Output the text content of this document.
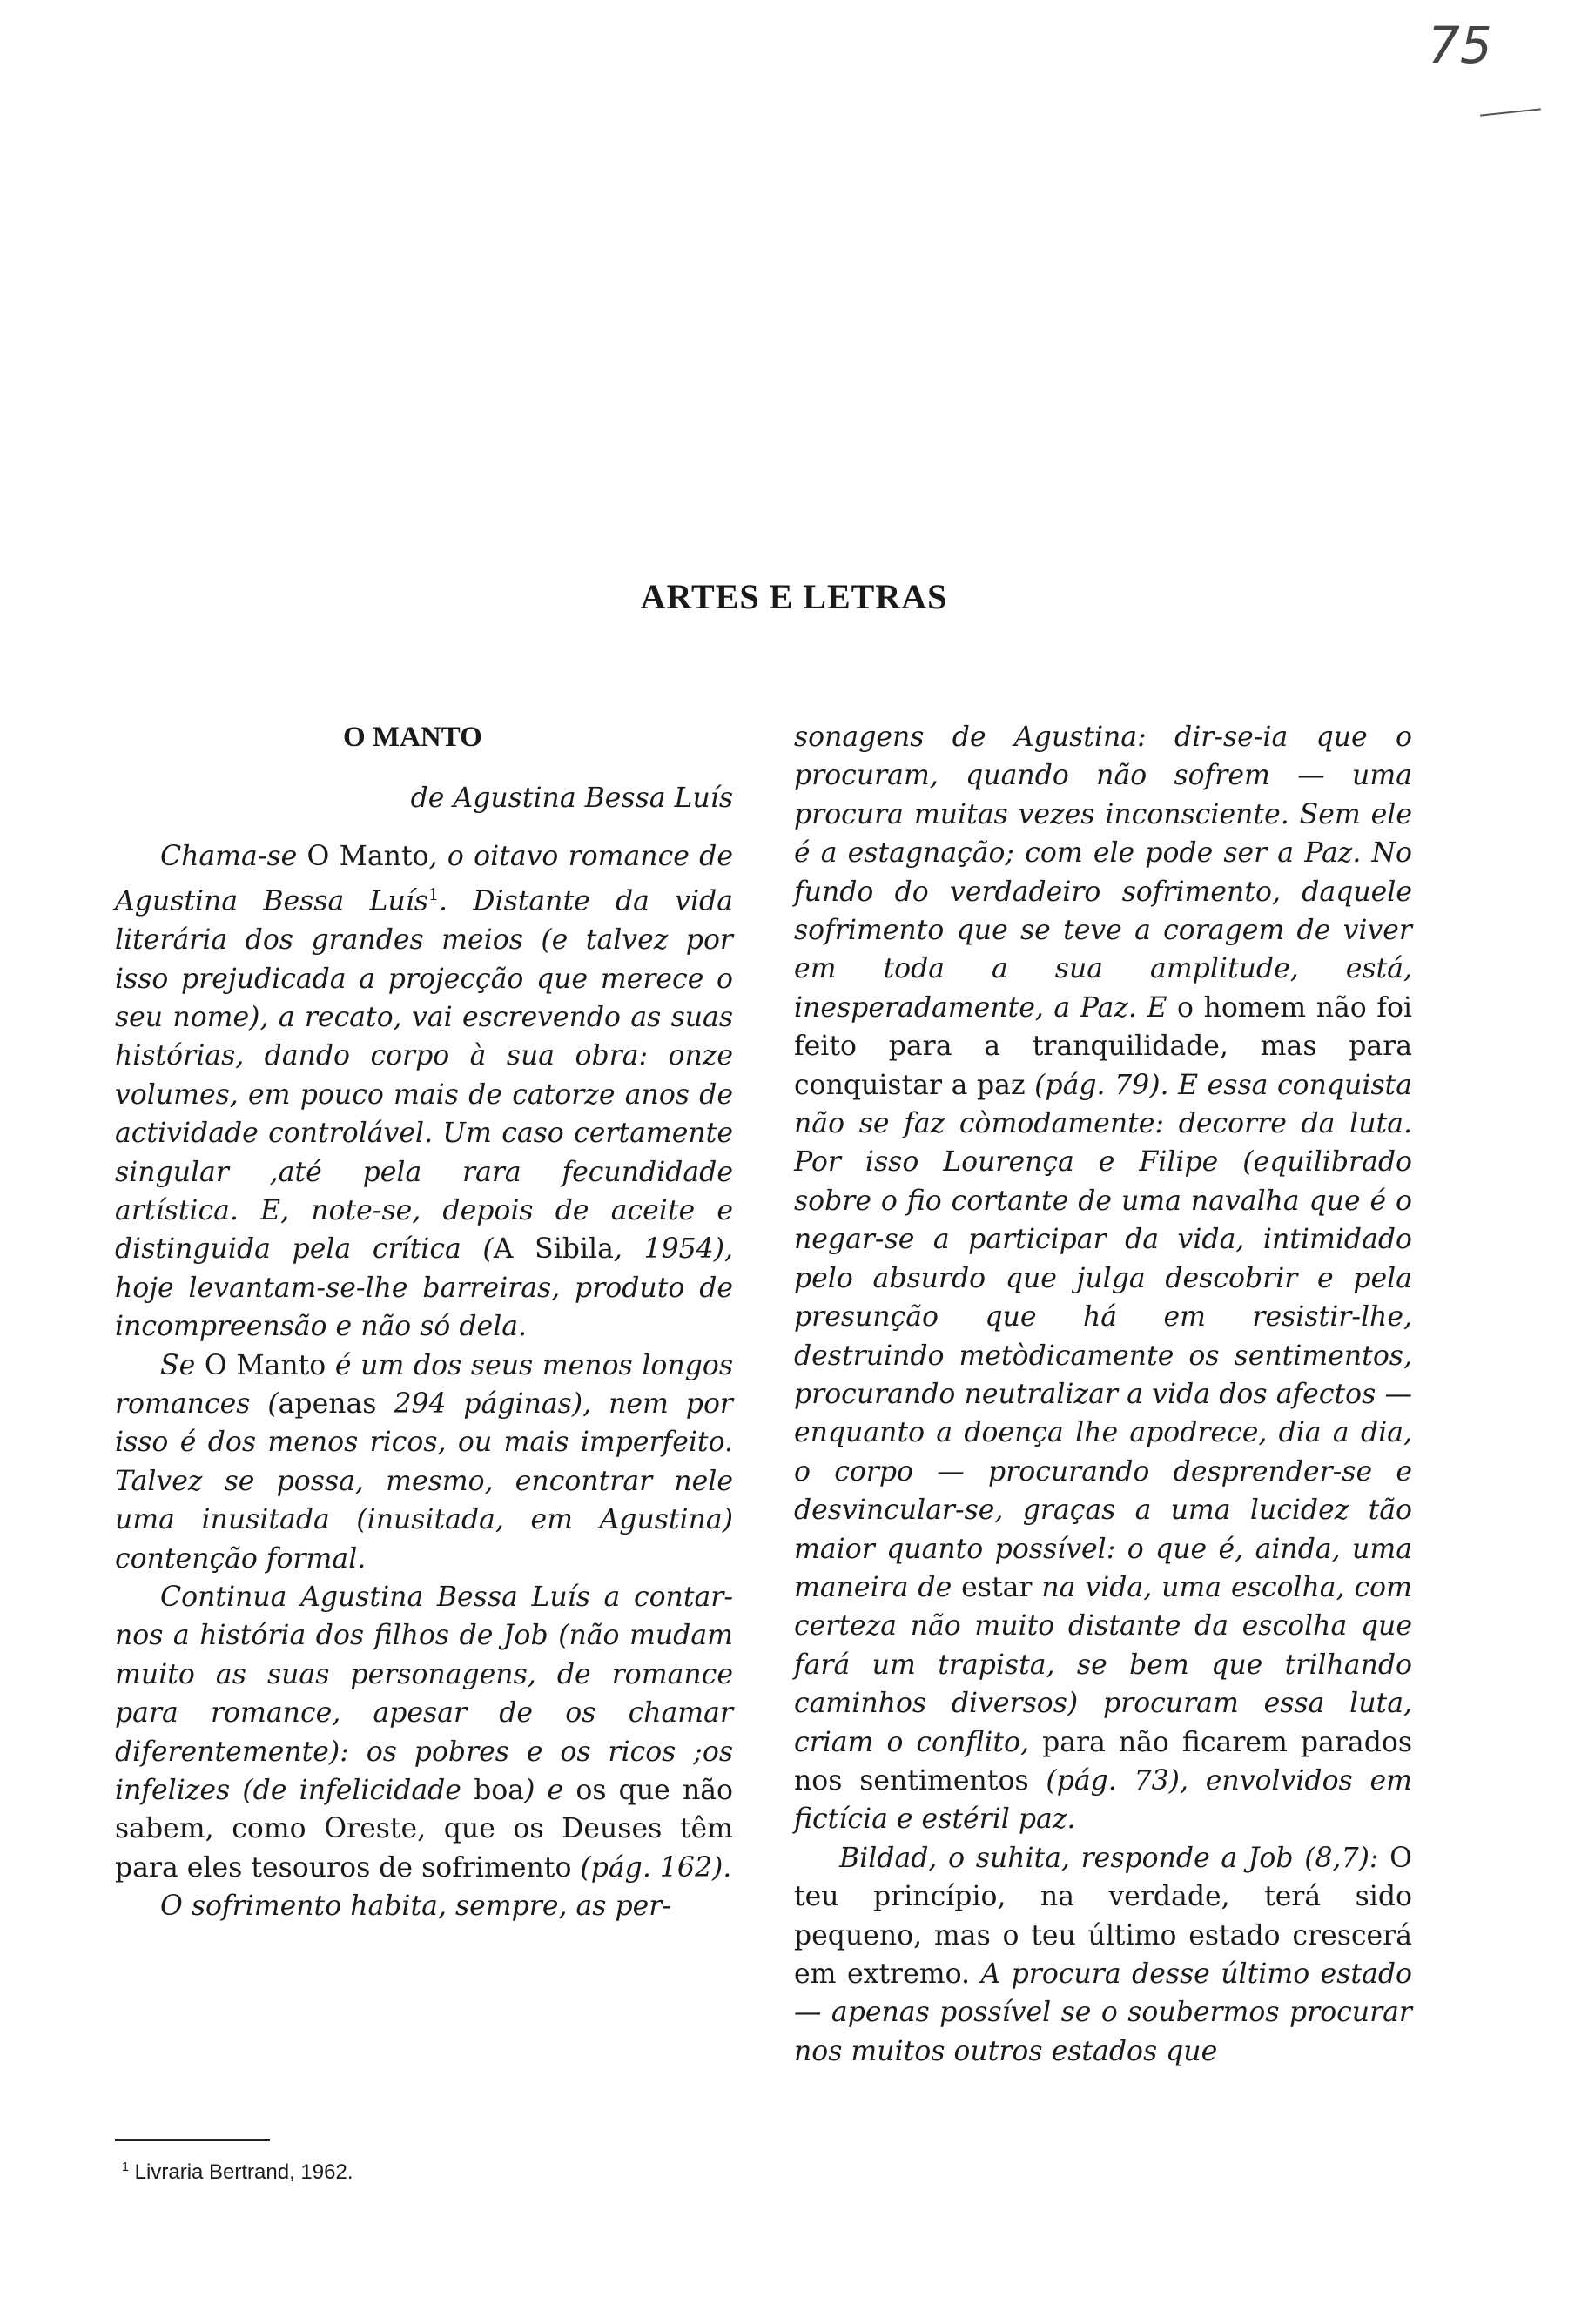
75
ARTES E LETRAS
O MANTO
de Agustina Bessa Luís

Chama-se O Manto, o oitavo romance de Agustina Bessa Luís$^1$. Distante da vida literária dos grandes meios (e talvez por isso prejudicada a projecção que merece o seu nome), a recato, vai escrevendo as suas histórias, dando corpo à sua obra: onze volumes, em pouco mais de catorze anos de actividade controlável. Um caso certamente singular ,até pela rara fecundidade artística. E, note-se, depois de aceite e distinguida pela crítica (A Sibila, 1954), hoje levantam-se-lhe barreiras, produto de incompreensão e não só dela.

Se O Manto é um dos seus menos longos romances (apenas 294 páginas), nem por isso é dos menos ricos, ou mais imperfeito. Talvez se possa, mesmo, encontrar nele uma inusitada (inusitada, em Agustina) contenção formal.

Continua Agustina Bessa Luís a contar-nos a história dos filhos de Job (não mudam muito as suas personagens, de romance para romance, apesar de os chamar diferentemente): os pobres e os ricos ;os infelizes (de infelicidade boa) e os que não sabem, como Oreste, que os Deuses têm para eles tesouros de sofrimento (pág. 162).

O sofrimento habita, sempre, as per-

sonagens de Agustina: dir-se-ia que o procuram, quando não sofrem — uma procura muitas vezes inconsciente. Sem ele é a estagnação; com ele pode ser a Paz. No fundo do verdadeiro sofrimento, daquele sofrimento que se teve a coragem de viver em toda a sua amplitude, está, inesperadamente, a Paz. E o homem não foi feito para a tranquilidade, mas para conquistar a paz (pág. 79). E essa conquista não se faz còmodamente: decorre da luta. Por isso Lourença e Filipe (equilibrado sobre o fio cortante de uma navalha que é o negar-se a participar da vida, intimidado pelo absurdo que julga descobrir e pela presunção que há em resistir-lhe, destruindo metòdicamente os sentimentos, procurando neutralizar a vida dos afectos — enquanto a doença lhe apodrece, dia a dia, o corpo — procurando desprender-se e desvincular-se, graças a uma lucidez tão maior quanto possível: o que é, ainda, uma maneira de estar na vida, uma escolha, com certeza não muito distante da escolha que fará um trapista, se bem que trilhando caminhos diversos) procuram essa luta, criam o conflito, para não ficarem parados nos sentimentos (pág. 73), envolvidos em fictícia e estéril paz.

Bildad, o suhita, responde a Job (8,7): O teu princípio, na verdade, terá sido pequeno, mas o teu último estado crescerá em extremo. A procura desse último estado — apenas possível se o soubermos procurar nos muitos outros estados que

$^1$ Livraria Bertrand, 1962.
